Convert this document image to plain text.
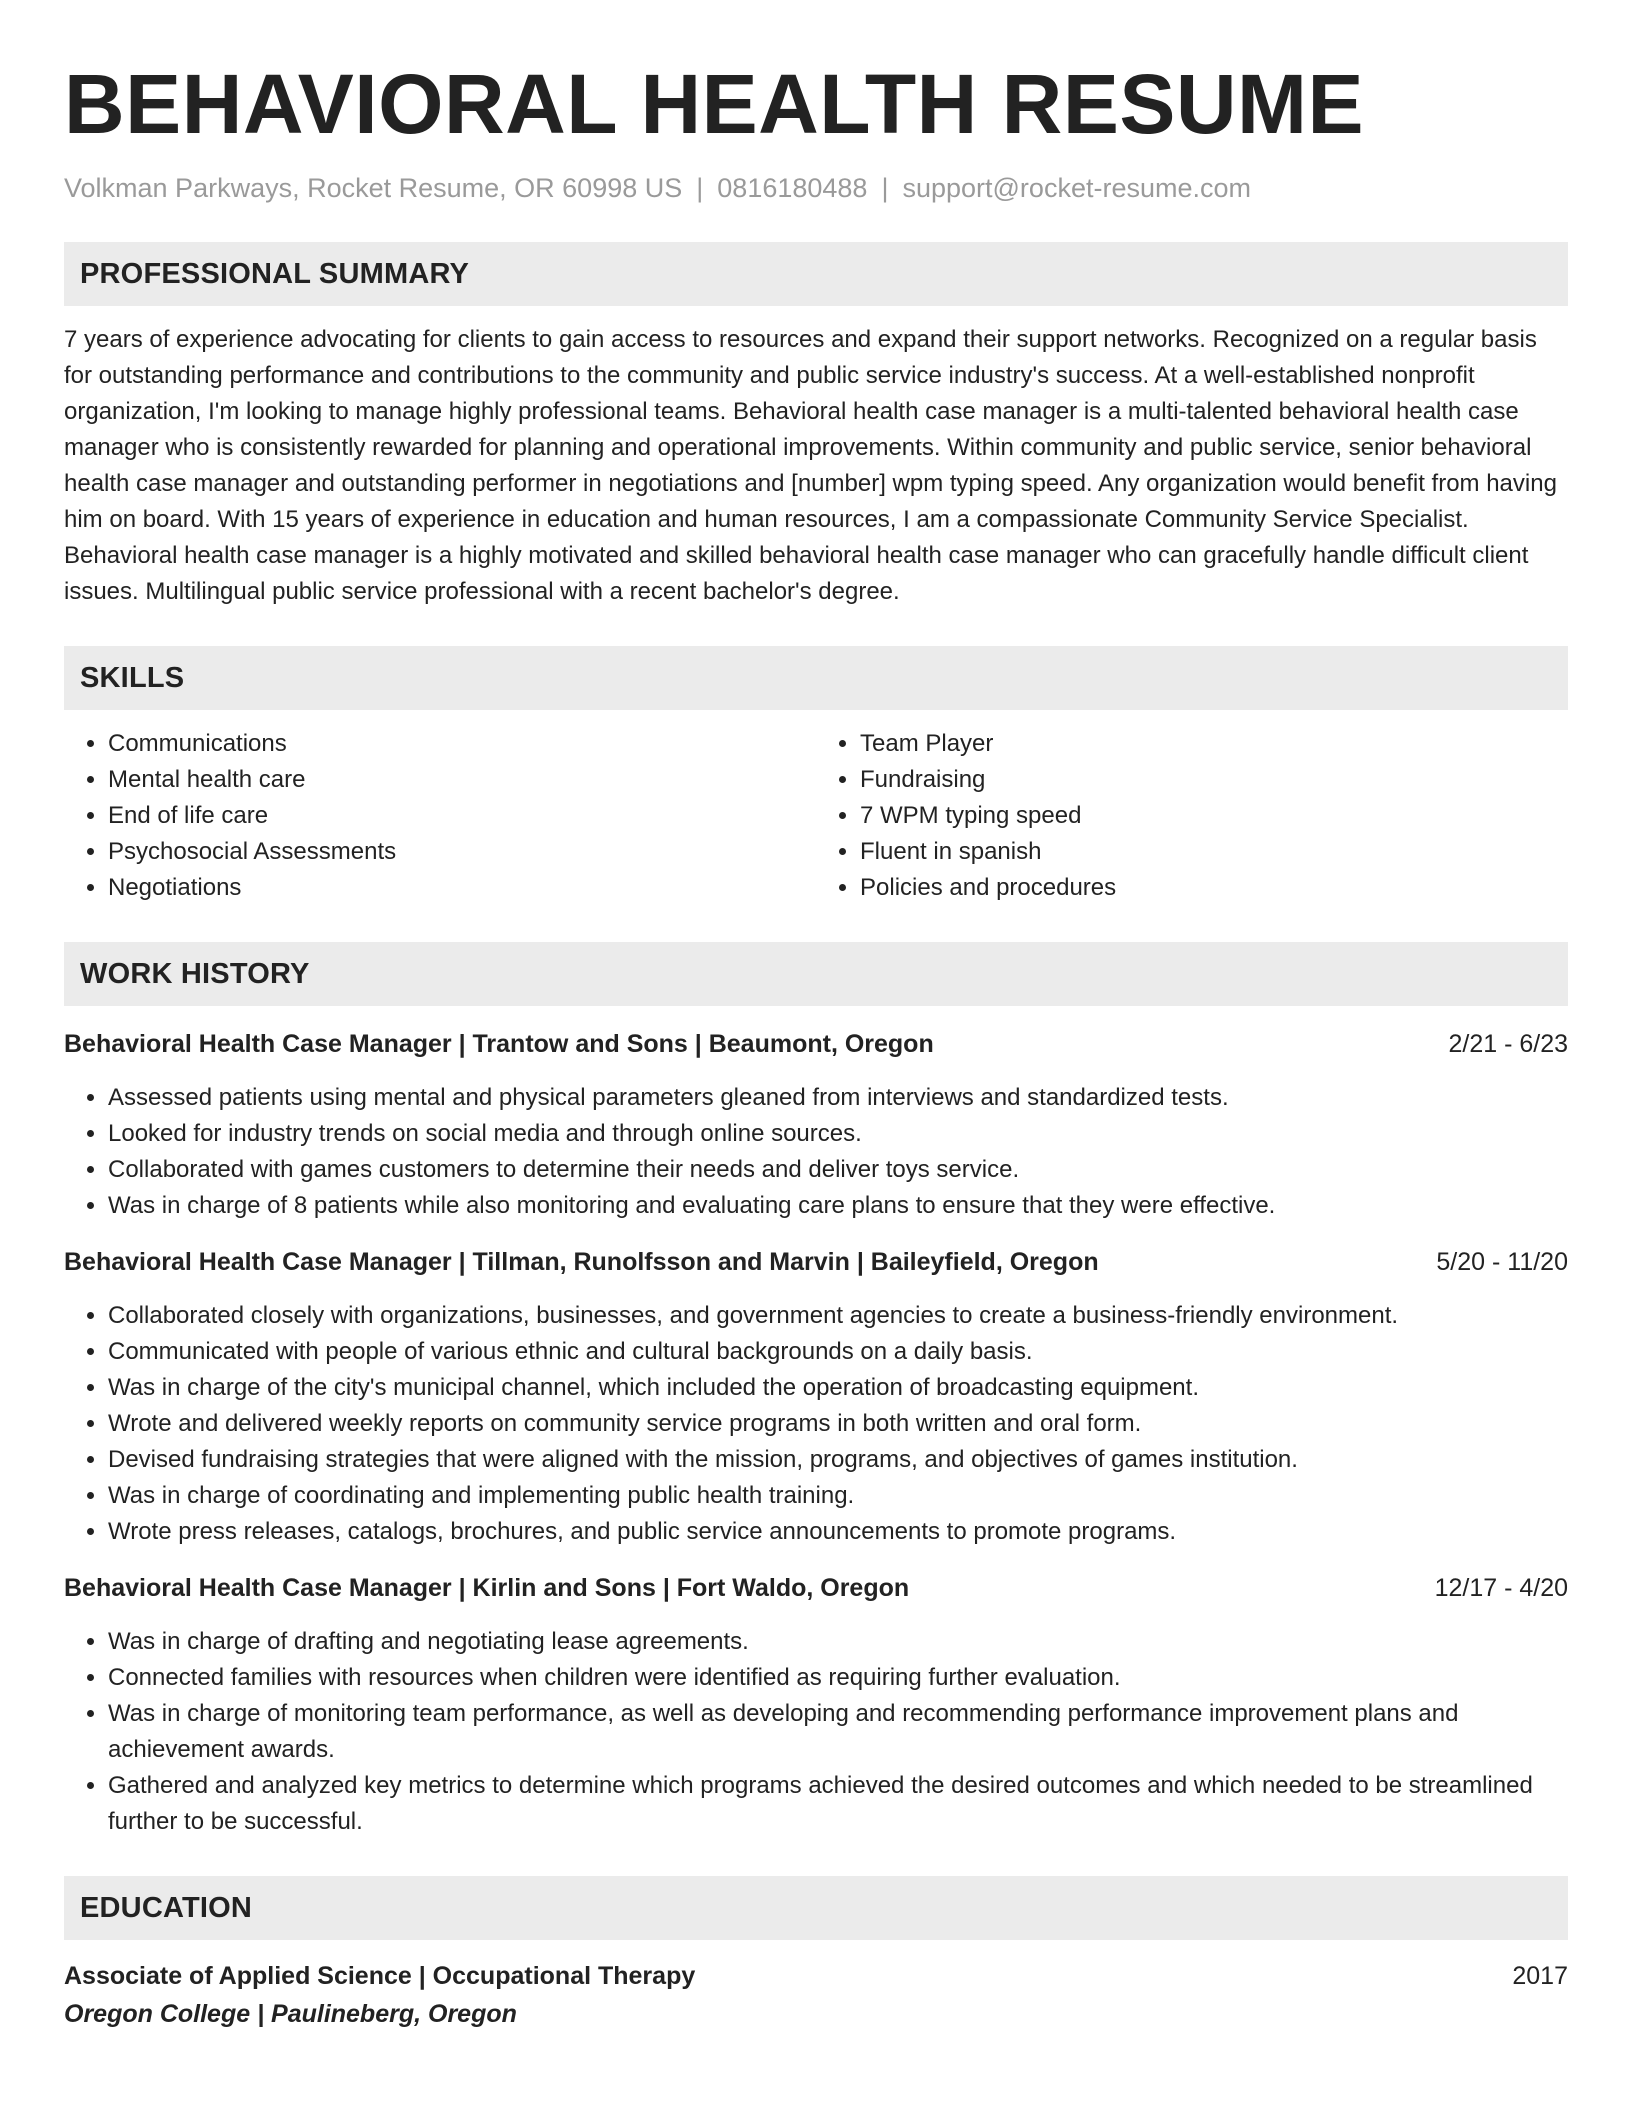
BEHAVIORAL HEALTH RESUME
Volkman Parkways, Rocket Resume, OR 60998 US | 0816180488 | support@rocket-resume.com
PROFESSIONAL SUMMARY

7 years of experience advocating for clients to gain access to resources and expand their support networks. Recognized on a regular basis for outstanding performance and contributions to the community and public service industry's success. At a well-established nonprofit organization, I'm looking to manage highly professional teams. Behavioral health case manager is a multi-talented behavioral health case manager who is consistently rewarded for planning and operational improvements. Within community and public service, senior behavioral health case manager and outstanding performer in negotiations and [number] wpm typing speed. Any organization would benefit from having him on board. With 15 years of experience in education and human resources, I am a compassionate Community Service Specialist. Behavioral health case manager is a highly motivated and skilled behavioral health case manager who can gracefully handle difficult client issues. Multilingual public service professional with a recent bachelor's degree.

SKILLS
• Communications
• Mental health care
• End of life care
• Psychosocial Assessments
• Negotiations
• Team Player
• Fundraising
• 7 WPM typing speed
• Fluent in spanish
• Policies and procedures
WORK HISTORY
Behavioral Health Case Manager | Trantow and Sons | Beaumont, Oregon	2/21 - 6/23
• Assessed patients using mental and physical parameters gleaned from interviews and standardized tests.
• Looked for industry trends on social media and through online sources.
• Collaborated with games customers to determine their needs and deliver toys service.
• Was in charge of 8 patients while also monitoring and evaluating care plans to ensure that they were effective.
Behavioral Health Case Manager | Tillman, Runolfsson and Marvin | Baileyfield, Oregon	5/20 - 11/20
• Collaborated closely with organizations, businesses, and government agencies to create a business-friendly environment.
• Communicated with people of various ethnic and cultural backgrounds on a daily basis.
• Was in charge of the city's municipal channel, which included the operation of broadcasting equipment.
• Wrote and delivered weekly reports on community service programs in both written and oral form.
• Devised fundraising strategies that were aligned with the mission, programs, and objectives of games institution.
• Was in charge of coordinating and implementing public health training.
• Wrote press releases, catalogs, brochures, and public service announcements to promote programs.
Behavioral Health Case Manager | Kirlin and Sons | Fort Waldo, Oregon	12/17 - 4/20
• Was in charge of drafting and negotiating lease agreements.
• Connected families with resources when children were identified as requiring further evaluation.
• Was in charge of monitoring team performance, as well as developing and recommending performance improvement plans and achievement awards.
• Gathered and analyzed key metrics to determine which programs achieved the desired outcomes and which needed to be streamlined further to be successful.
EDUCATION
Associate of Applied Science | Occupational Therapy	2017
Oregon College | Paulineberg, Oregon
